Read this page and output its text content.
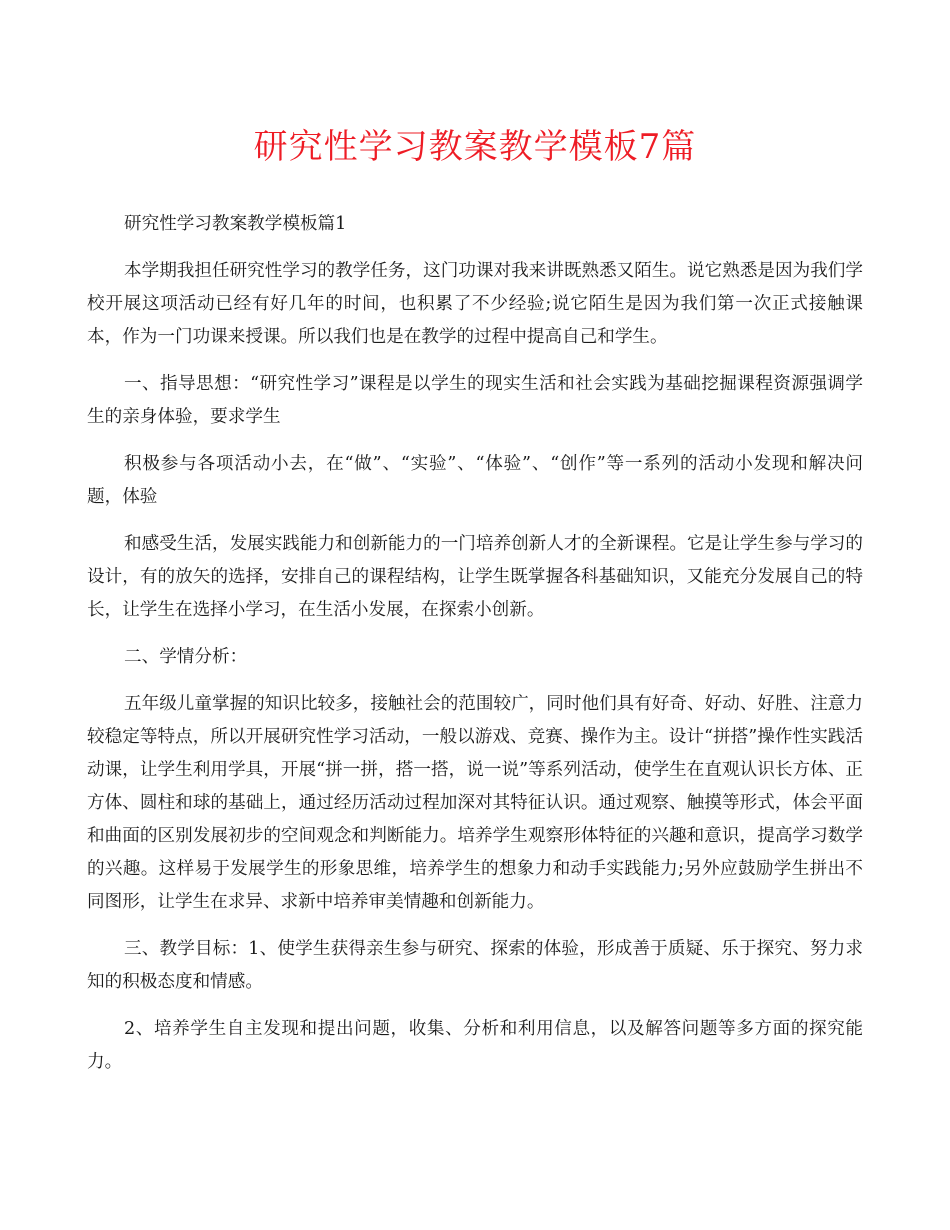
研究性学习教案教学模板7篇

研究性学习教案教学模板篇1

本学期我担任研究性学习的教学任务，这门功课对我来讲既熟悉又陌生。说它熟悉是因为我们学校开展这项活动已经有好几年的时间，也积累了不少经验;说它陌生是因为我们第一次正式接触课本，作为一门功课来授课。所以我们也是在教学的过程中提高自己和学生。

一、指导思想：“研究性学习”课程是以学生的现实生活和社会实践为基础挖掘课程资源强调学生的亲身体验，要求学生

积极参与各项活动小去，在“做”、“实验”、“体验”、“创作”等一系列的活动小发现和解决问题，体验

和感受生活，发展实践能力和创新能力的一门培养创新人才的全新课程。它是让学生参与学习的设计，有的放矢的选择，安排自己的课程结构，让学生既掌握各科基础知识，又能充分发展自己的特长，让学生在选择小学习，在生活小发展，在探索小创新。

二、学情分析：

五年级儿童掌握的知识比较多，接触社会的范围较广，同时他们具有好奇、好动、好胜、注意力较稳定等特点，所以开展研究性学习活动，一般以游戏、竞赛、操作为主。设计“拼搭”操作性实践活动课，让学生利用学具，开展“拼一拼，搭一搭，说一说”等系列活动，使学生在直观认识长方体、正方体、圆柱和球的基础上，通过经历活动过程加深对其特征认识。通过观察、触摸等形式，体会平面和曲面的区别发展初步的空间观念和判断能力。培养学生观察形体特征的兴趣和意识，提高学习数学的兴趣。这样易于发展学生的形象思维，培养学生的想象力和动手实践能力;另外应鼓励学生拼出不同图形，让学生在求异、求新中培养审美情趣和创新能力。

三、教学目标：1、使学生获得亲生参与研究、探索的体验，形成善于质疑、乐于探究、努力求知的积极态度和情感。

2、培养学生自主发现和提出问题，收集、分析和利用信息，以及解答问题等多方面的探究能力。
